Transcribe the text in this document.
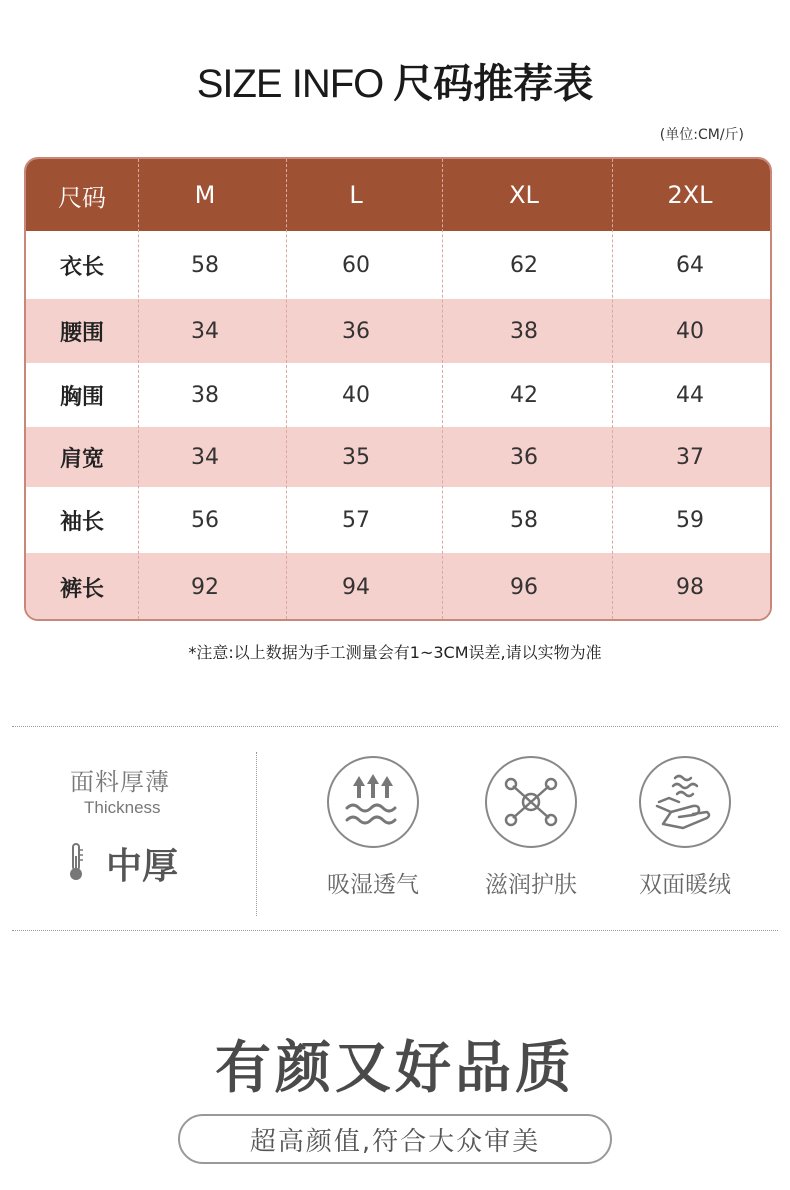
SIZE INFO 尺码推荐表
(单位:CM/斤)
尺码	M	L	XL	2XL
衣长	58	60	62	64
腰围	34	36	38	40
胸围	38	40	42	44
肩宽	34	35	36	37
袖长	56	57	58	59
裤长	92	94	96	98
*注意:以上数据为手工测量会有1~3CM误差,请以实物为准
面料厚薄
Thickness
中厚	吸湿透气	滋润护肤	双面暖绒
有颜又好品质
超高颜值,符合大众审美
